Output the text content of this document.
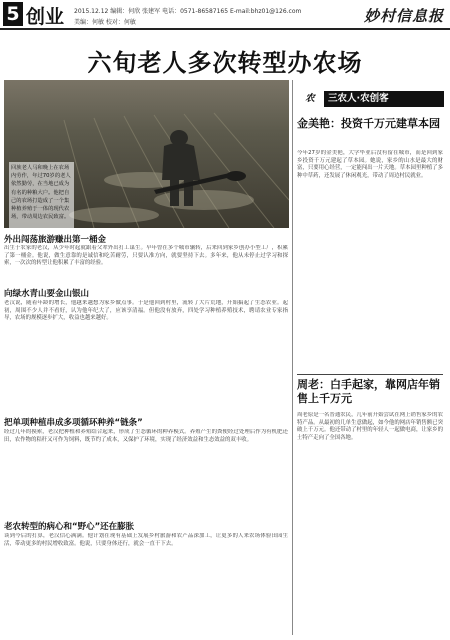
5 创业 2015.12.12 编辑：何欣 张建军 电话：0571-86587165 E-mail:bhz01@126.com
美编：何敏 校对：何敏	妙村信息报
六旬老人多次转型办农场
回族老人马和晚上在农场内劳作，年过70岁的老人依然勤劳，在当地已成为有名的种粮大户。他把自己的农场打造成了一个集种植养殖于一体的现代农场，带动周边农民致富。
外出闯荡旅游赚出第一桶金
出生于农家的老汉，从少年时起就跟着父辈外出打工谋生。早年曾在多个城市辗转，后来回到家乡创办小型工厂，积累了第一桶金。他说，做生意靠的是诚信和吃苦耐劳，只要认准方向，就要坚持下去。多年来，他从未停止过学习和探索，一次次的转型让他积累了丰富的经验。
向绿水青山要金山银山
老汉说，随着年龄的增长，他越来越想为家乡做点事。于是他回到村里，流转了大片荒地，开始搞起了生态农业。起初，周围不少人并不看好，认为他年纪大了，应该享清福。但他没有放弃，四处学习种植养殖技术，聘请农业专家指导，农场的规模逐步扩大，收益也越来越好。
把单项种植串成多项循环种养“链条”
经过几年的摸索，老汉把种植和养殖结合起来，形成了生态循环的种养模式。养殖产生的粪便经过处理后作为有机肥还田，农作物的秸秆又可作为饲料，既节约了成本，又保护了环境，实现了经济效益和生态效益的双丰收。
老农转型的病心和“野心”还在膨胀
谈到今后的打算，老汉信心满满。他计划在现有基础上发展乡村旅游和农产品深加工，让更多的人来农场体验田园生活，带动更多的村民增收致富。他说，只要身体还行，就会一直干下去。
农	三农人·农创客
金美艳：投资千万元建草本园
今年27岁的金美艳，大学毕业后没有留在城市，而是回到家乡投资千万元建起了草本园。她说，家乡的山水是最大的财富，只要用心经营，一定能闯出一片天地。草本园里种植了多种中草药，还发展了休闲观光，带动了周边村民就业。
周老：白手起家，靠网店年销售上千万元
周老原是一名普通农民，几年前开始尝试在网上销售家乡的农特产品。从最初的几单生意做起，如今他的网店年销售额已突破上千万元。他还带动了村里的年轻人一起做电商，让家乡的土特产走向了全国各地。
